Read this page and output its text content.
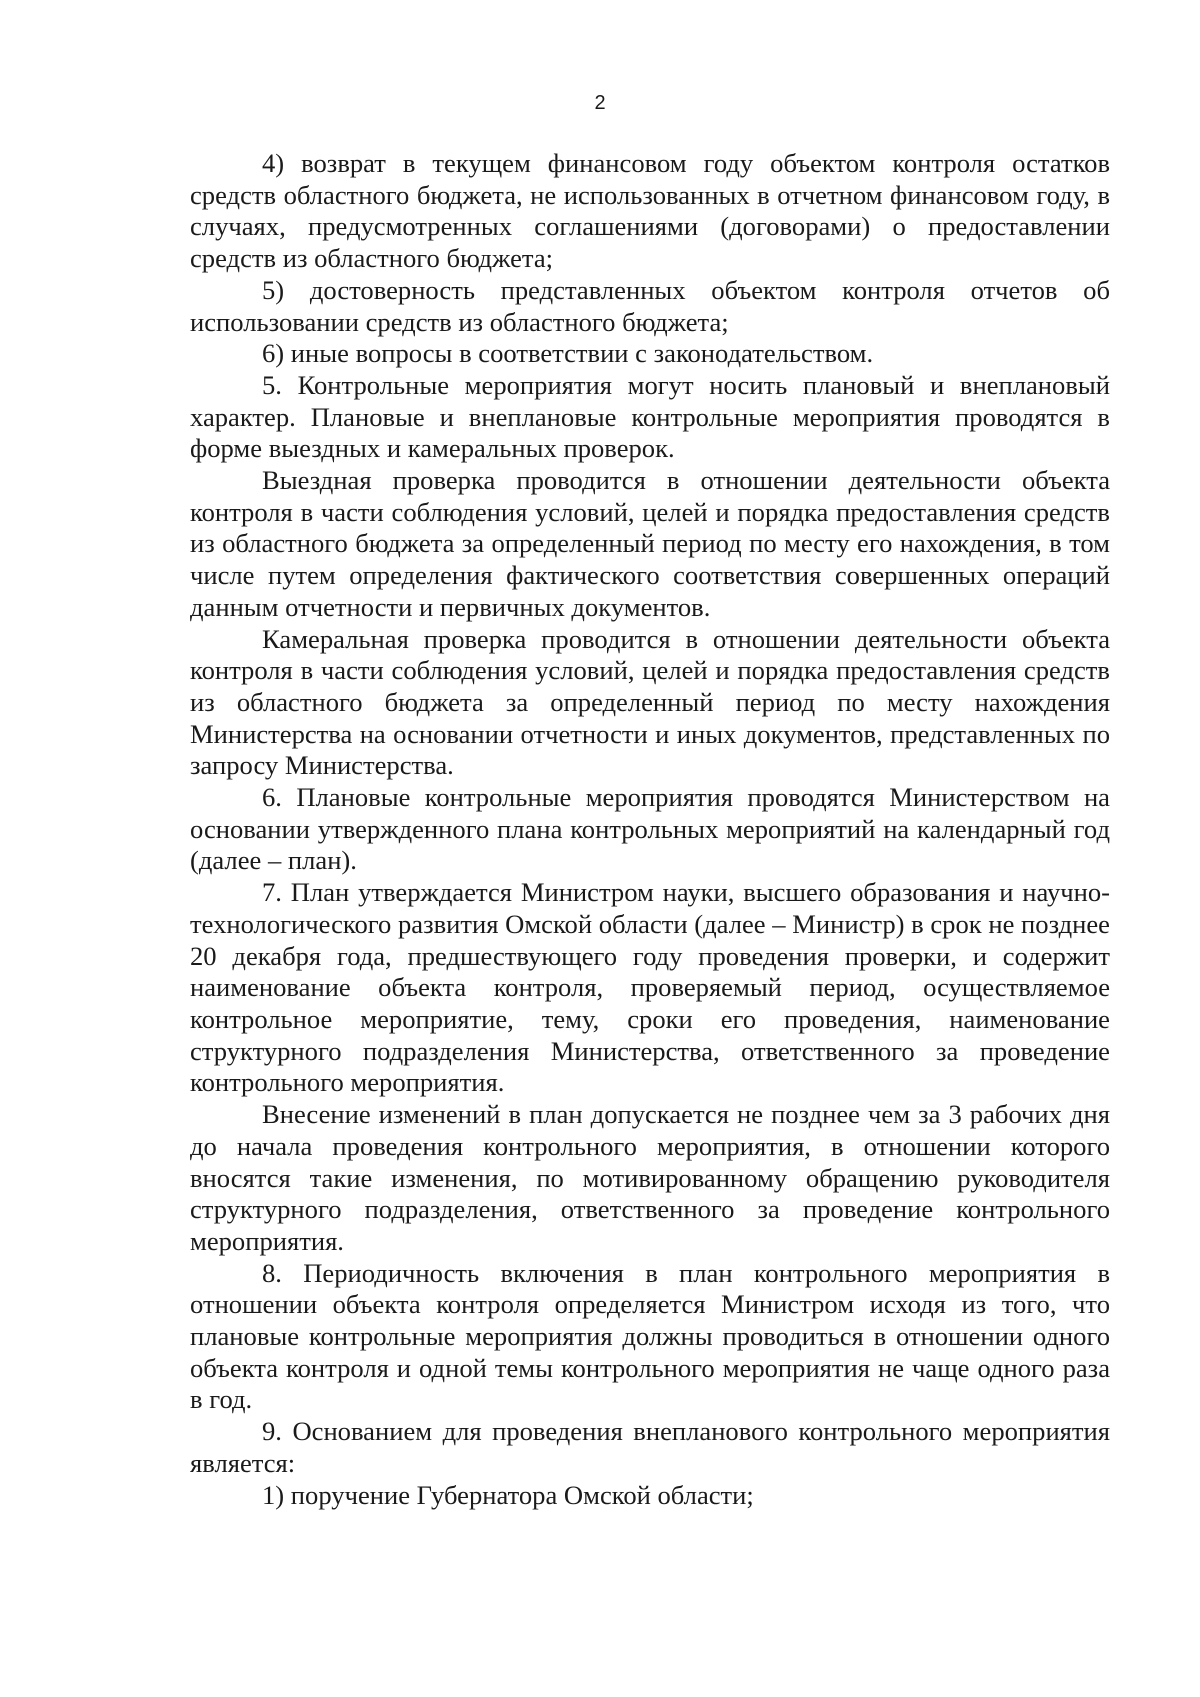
2

4) возврат в текущем финансовом году объектом контроля остатков средств областного бюджета, не использованных в отчетном финансовом году, в случаях, предусмотренных соглашениями (договорами) о предоставлении средств из областного бюджета;

5) достоверность представленных объектом контроля отчетов об использовании средств из областного бюджета;

6) иные вопросы в соответствии с законодательством.

5. Контрольные мероприятия могут носить плановый и внеплановый характер. Плановые и внеплановые контрольные мероприятия проводятся в форме выездных и камеральных проверок.

Выездная проверка проводится в отношении деятельности объекта контроля в части соблюдения условий, целей и порядка предоставления средств из областного бюджета за определенный период по месту его нахождения, в том числе путем определения фактического соответствия совершенных операций данным отчетности и первичных документов.

Камеральная проверка проводится в отношении деятельности объекта контроля в части соблюдения условий, целей и порядка предоставления средств из областного бюджета за определенный период по месту нахождения Министерства на основании отчетности и иных документов, представленных по запросу Министерства.

6. Плановые контрольные мероприятия проводятся Министерством на основании утвержденного плана контрольных мероприятий на календарный год (далее – план).

7. План утверждается Министром науки, высшего образования и научно-технологического развития Омской области (далее – Министр) в срок не позднее 20 декабря года, предшествующего году проведения проверки, и содержит наименование объекта контроля, проверяемый период, осуществляемое контрольное мероприятие, тему, сроки его проведения, наименование структурного подразделения Министерства, ответственного за проведение контрольного мероприятия.

Внесение изменений в план допускается не позднее чем за 3 рабочих дня до начала проведения контрольного мероприятия, в отношении которого вносятся такие изменения, по мотивированному обращению руководителя структурного подразделения, ответственного за проведение контрольного мероприятия.

8. Периодичность включения в план контрольного мероприятия в отношении объекта контроля определяется Министром исходя из того, что плановые контрольные мероприятия должны проводиться в отношении одного объекта контроля и одной темы контрольного мероприятия не чаще одного раза в год.

9. Основанием для проведения внепланового контрольного мероприятия является:

1) поручение Губернатора Омской области;
